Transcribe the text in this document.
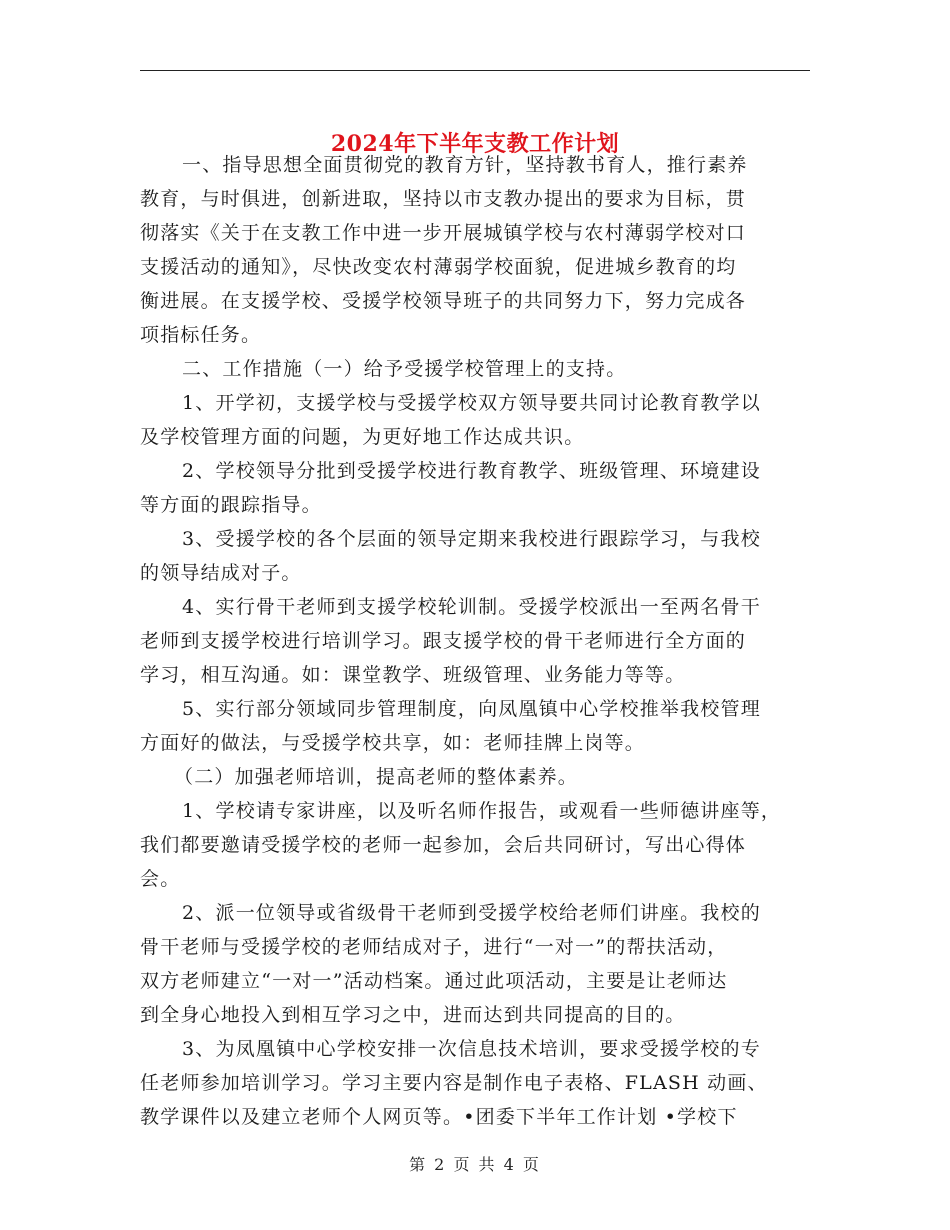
2024年下半年支教工作计划

一、指导思想全面贯彻党的教育方针，坚持教书育人，推行素养
教育，与时俱进，创新进取，坚持以市支教办提出的要求为目标，贯
彻落实《关于在支教工作中进一步开展城镇学校与农村薄弱学校对口
支援活动的通知》，尽快改变农村薄弱学校面貌，促进城乡教育的均
衡进展。在支援学校、受援学校领导班子的共同努力下，努力完成各
项指标任务。

二、工作措施（一）给予受援学校管理上的支持。

1、开学初，支援学校与受援学校双方领导要共同讨论教育教学以
及学校管理方面的问题，为更好地工作达成共识。

2、学校领导分批到受援学校进行教育教学、班级管理、环境建设
等方面的跟踪指导。

3、受援学校的各个层面的领导定期来我校进行跟踪学习，与我校
的领导结成对子。

4、实行骨干老师到支援学校轮训制。受援学校派出一至两名骨干
老师到支援学校进行培训学习。跟支援学校的骨干老师进行全方面的
学习，相互沟通。如：课堂教学、班级管理、业务能力等等。

5、实行部分领域同步管理制度，向凤凰镇中心学校推举我校管理
方面好的做法，与受援学校共享，如：老师挂牌上岗等。

（二）加强老师培训，提高老师的整体素养。

1、学校请专家讲座，以及听名师作报告，或观看一些师德讲座等，
我们都要邀请受援学校的老师一起参加，会后共同研讨，写出心得体
会。

2、派一位领导或省级骨干老师到受援学校给老师们讲座。我校的
骨干老师与受援学校的老师结成对子，进行“一对一”的帮扶活动，
双方老师建立“一对一”活动档案。通过此项活动，主要是让老师达
到全身心地投入到相互学习之中，进而达到共同提高的目的。

3、为凤凰镇中心学校安排一次信息技术培训，要求受援学校的专
任老师参加培训学习。学习主要内容是制作电子表格、FLASH 动画、
教学课件以及建立老师个人网页等。•团委下半年工作计划 •学校下

第 2 页 共 4 页
